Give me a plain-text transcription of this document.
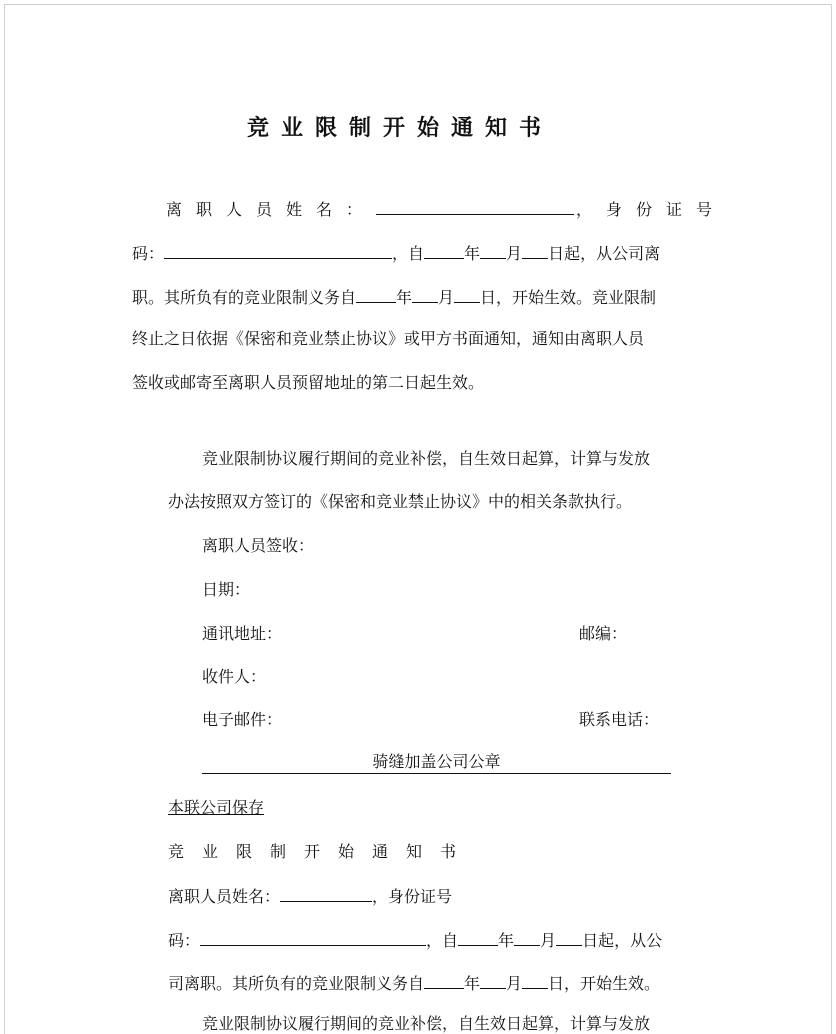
竞业限制开始通知书
离职人员姓名：	，身份证号
码：	，自	年 月 日起，从公司离
职。其所负有的竞业限制义务自	年 月 日，开始生效。竞业限制
终止之日依据《保密和竞业禁止协议》或甲方书面通知，通知由离职人员
签收或邮寄至离职人员预留地址的第二日起生效。
竞业限制协议履行期间的竞业补偿，自生效日起算，计算与发放
办法按照双方签订的《保密和竞业禁止协议》中的相关条款执行。
离职人员签收：
日期：
通讯地址：	邮编：
收件人：
电子邮件：	联系电话：
骑缝加盖公司公章
本联公司保存
竞业限制开始通知书
离职人员姓名：	，身份证号
码：	，自	年 月 日起，从公
司离职。其所负有的竞业限制义务自	年 月 日，开始生效。
竞业限制协议履行期间的竞业补偿，自生效日起算，计算与发放
